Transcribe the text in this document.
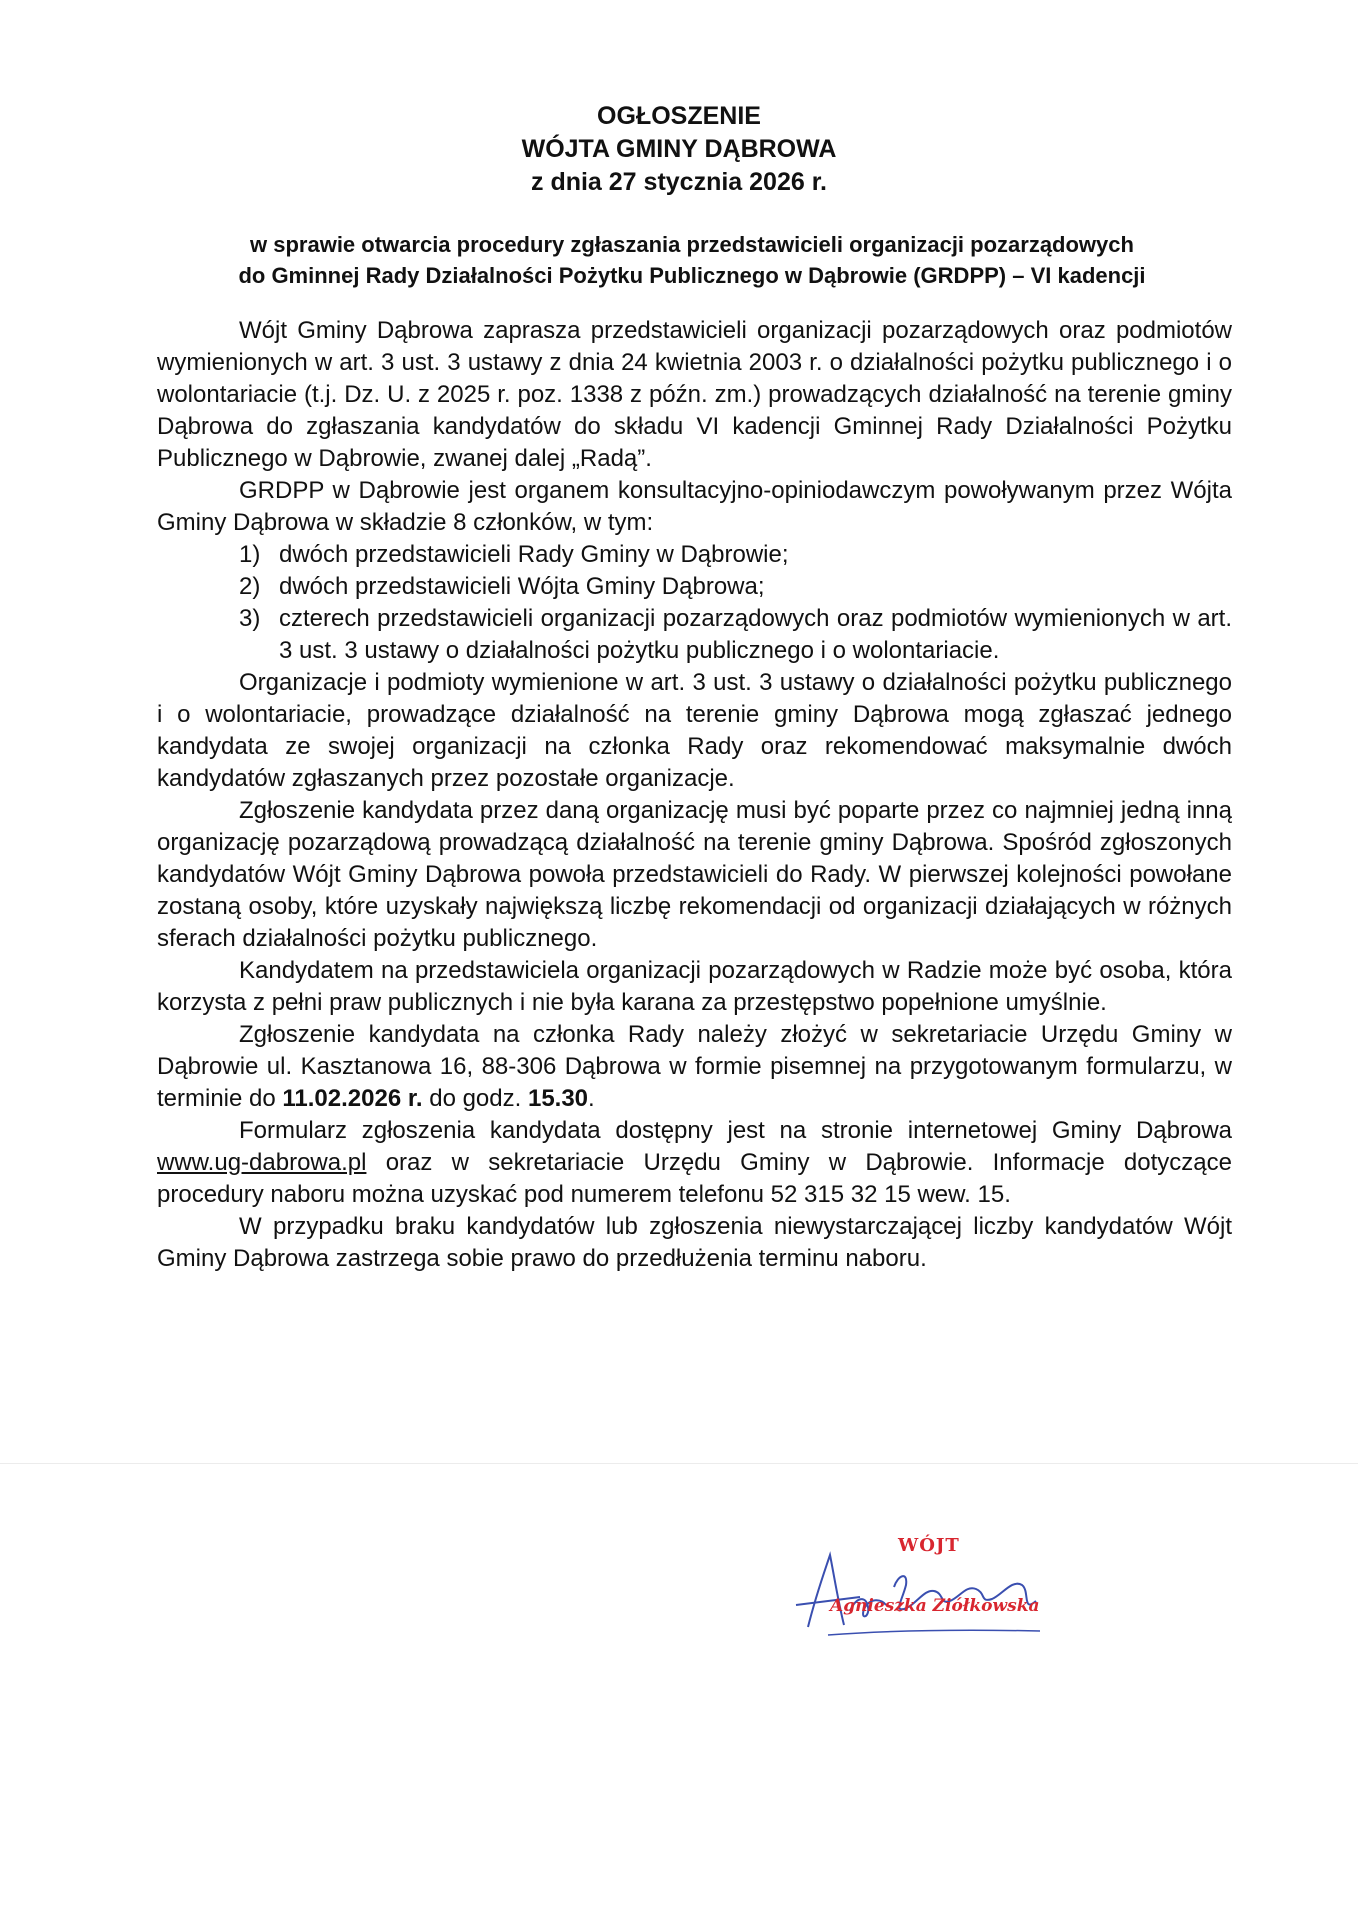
OGŁOSZENIE
WÓJTA GMINY DĄBROWA
z dnia 27 stycznia 2026 r.
w sprawie otwarcia procedury zgłaszania przedstawicieli organizacji pozarządowych
do Gminnej Rady Działalności Pożytku Publicznego w Dąbrowie (GRDPP) – VI kadencji

Wójt Gminy Dąbrowa zaprasza przedstawicieli organizacji pozarządowych oraz podmiotów wymienionych w art. 3 ust. 3 ustawy z dnia 24 kwietnia 2003 r. o działalności pożytku publicznego i o wolontariacie (t.j. Dz. U. z 2025 r. poz. 1338 z późn. zm.) prowadzących działalność na terenie gminy Dąbrowa do zgłaszania kandydatów do składu VI kadencji Gminnej Rady Działalności Pożytku Publicznego w Dąbrowie, zwanej dalej „Radą”.

GRDPP w Dąbrowie jest organem konsultacyjno-opiniodawczym powoływanym przez Wójta Gminy Dąbrowa w składzie 8 członków, w tym:

1) dwóch przedstawicieli Rady Gminy w Dąbrowie;
2) dwóch przedstawicieli Wójta Gminy Dąbrowa;
3) czterech przedstawicieli organizacji pozarządowych oraz podmiotów wymienionych w art. 3 ust. 3 ustawy o działalności pożytku publicznego i o wolontariacie.

Organizacje i podmioty wymienione w art. 3 ust. 3 ustawy o działalności pożytku publicznego i o wolontariacie, prowadzące działalność na terenie gminy Dąbrowa mogą zgłaszać jednego kandydata ze swojej organizacji na członka Rady oraz rekomendować maksymalnie dwóch kandydatów zgłaszanych przez pozostałe organizacje.

Zgłoszenie kandydata przez daną organizację musi być poparte przez co najmniej jedną inną organizację pozarządową prowadzącą działalność na terenie gminy Dąbrowa. Spośród zgłoszonych kandydatów Wójt Gminy Dąbrowa powoła przedstawicieli do Rady. W pierwszej kolejności powołane zostaną osoby, które uzyskały największą liczbę rekomendacji od organizacji działających w różnych sferach działalności pożytku publicznego.

Kandydatem na przedstawiciela organizacji pozarządowych w Radzie może być osoba, która korzysta z pełni praw publicznych i nie była karana za przestępstwo popełnione umyślnie.

Zgłoszenie kandydata na członka Rady należy złożyć w sekretariacie Urzędu Gminy w Dąbrowie ul. Kasztanowa 16, 88-306 Dąbrowa w formie pisemnej na przygotowanym formularzu, w terminie do 11.02.2026 r. do godz. 15.30.

Formularz zgłoszenia kandydata dostępny jest na stronie internetowej Gminy Dąbrowa www.ug-dabrowa.pl oraz w sekretariacie Urzędu Gminy w Dąbrowie. Informacje dotyczące procedury naboru można uzyskać pod numerem telefonu 52 315 32 15 wew. 15.

W przypadku braku kandydatów lub zgłoszenia niewystarczającej liczby kandydatów Wójt Gminy Dąbrowa zastrzega sobie prawo do przedłużenia terminu naboru.

WÓJT
Agnieszka Ziółkowska
